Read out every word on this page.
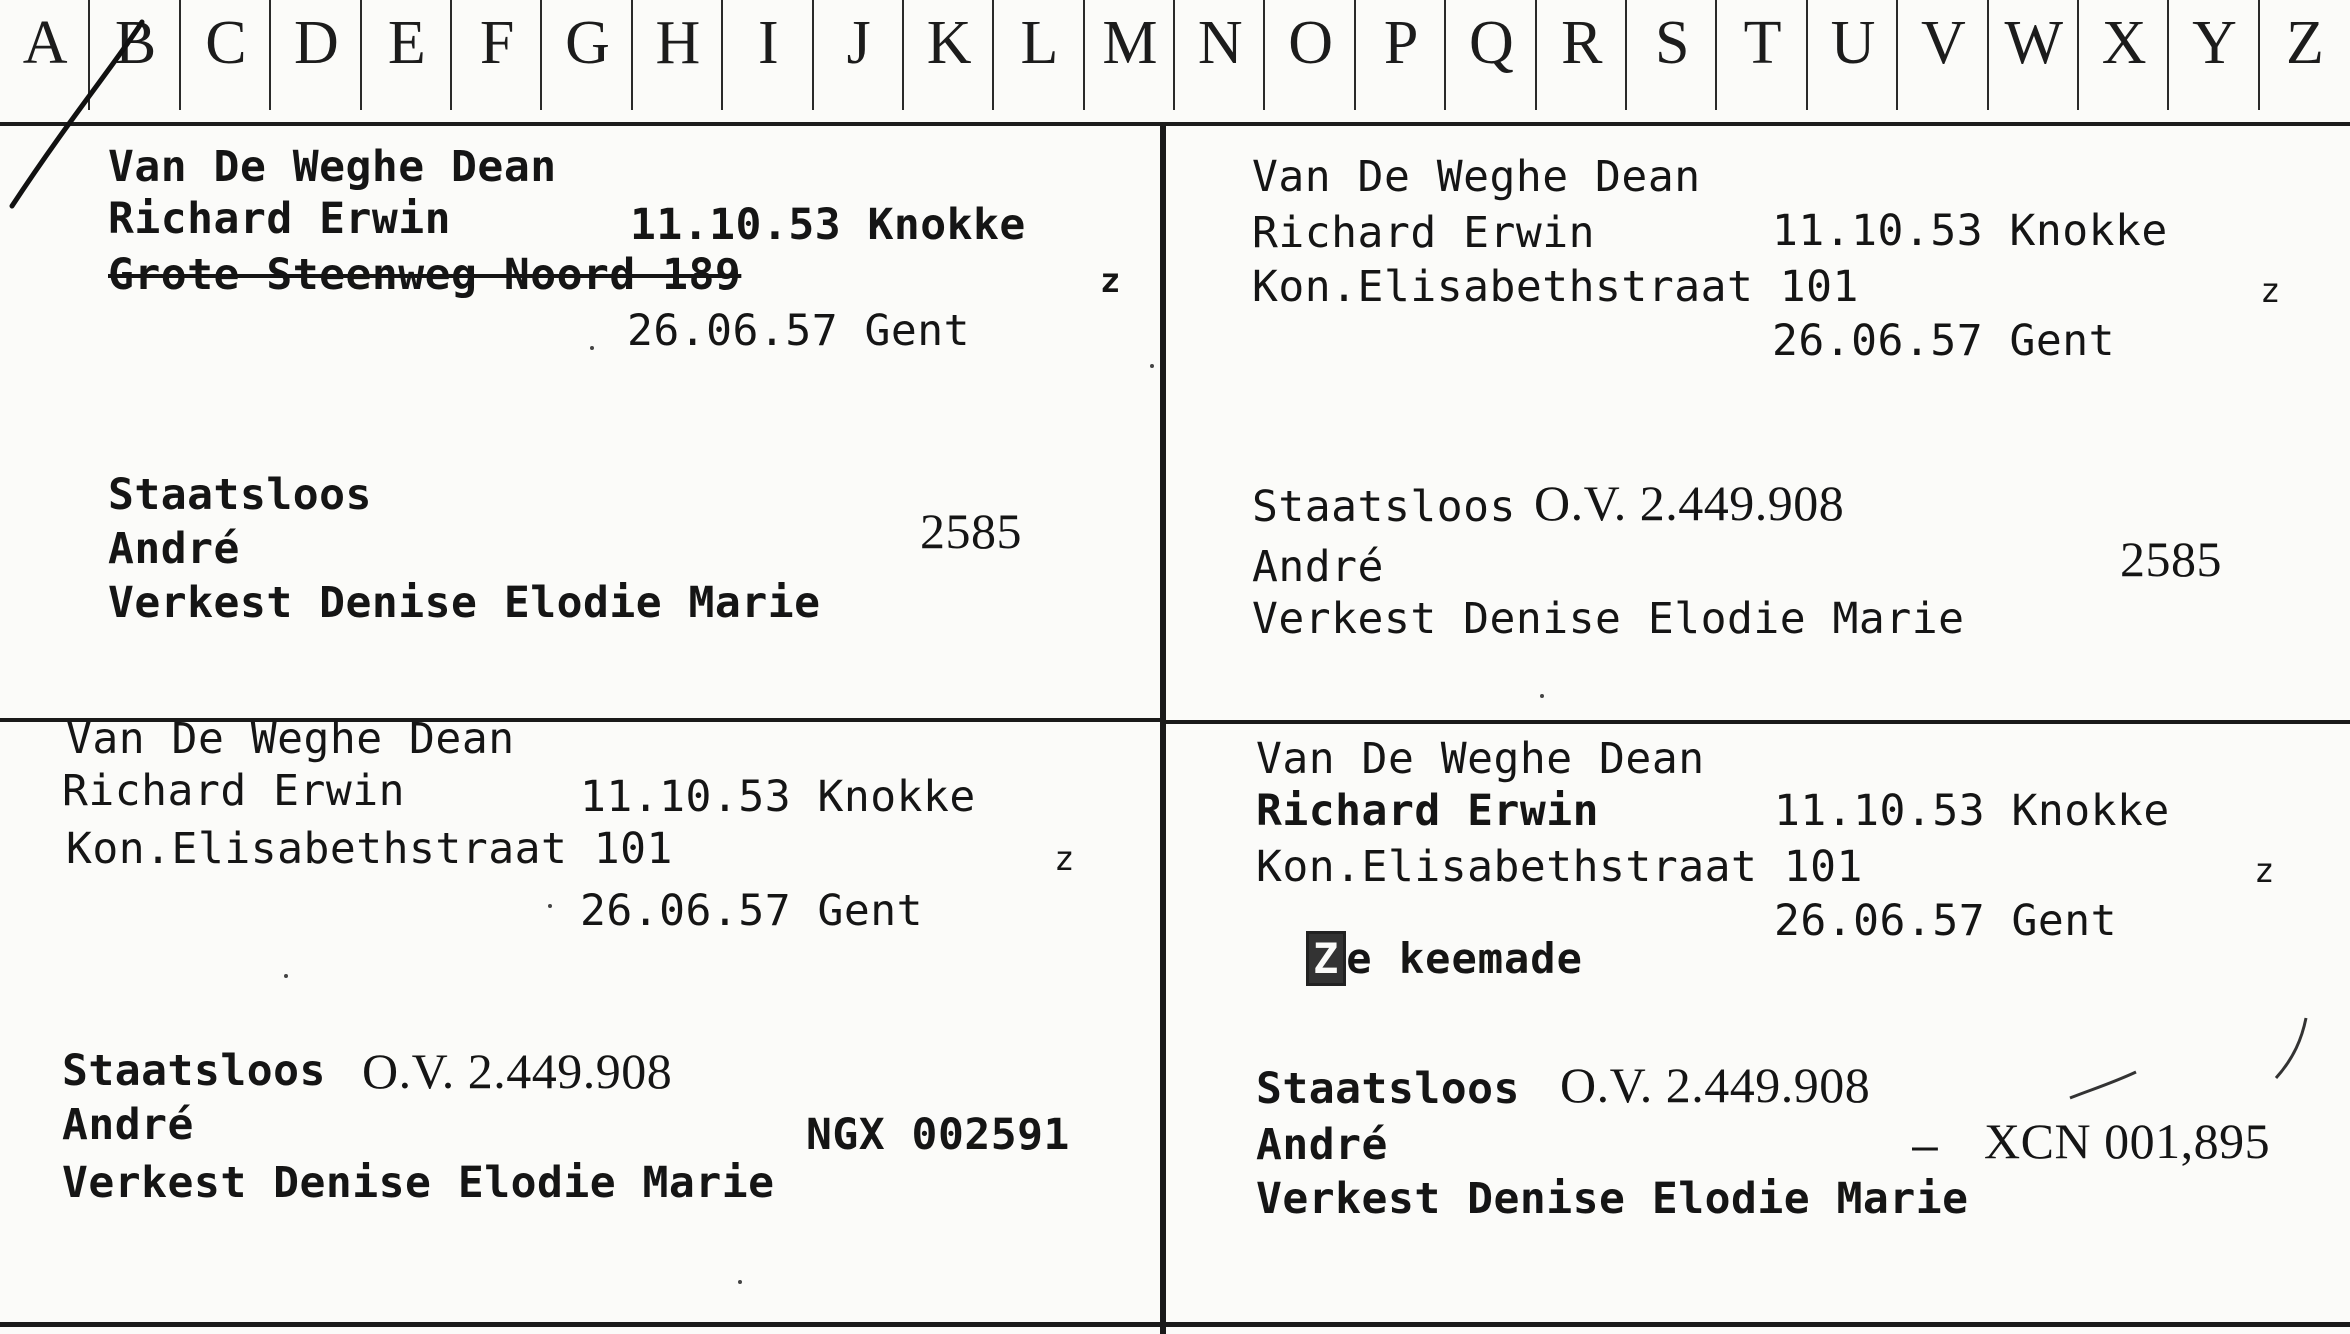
A B C D E F G H I	J K L M N O P Q R S T U V W X Y Z
Van De Weghe Dean
Richard Erwin	11.10.53 Knokke
Grote Steenweg Noord 189	z
26.06.57 Gent
Staatsloos
André
Verkest Denise Elodie Marie
2585
Van De Weghe Dean
Richard Erwin	11.10.53 Knokke
Kon.Elisabethstraat 101	z
26.06.57 Gent
Staatsloos O.V. 2.449.908
André	2585
Verkest Denise Elodie Marie
Van De Weghe Dean
Richard Erwin	11.10.53 Knokke
Kon.Elisabethstraat 101	z
26.06.57 Gent
Staatsloos O.V. 2.449.908
André	NGX 002591
Verkest Denise Elodie Marie
Van De Weghe Dean
Richard Erwin	11.10.53 Knokke
Kon.Elisabethstraat 101	z
26.06.57 Gent
Z e keemade
Staatsloos O.V. 2.449.908
André	– XCN 001,895
Verkest Denise Elodie Marie
